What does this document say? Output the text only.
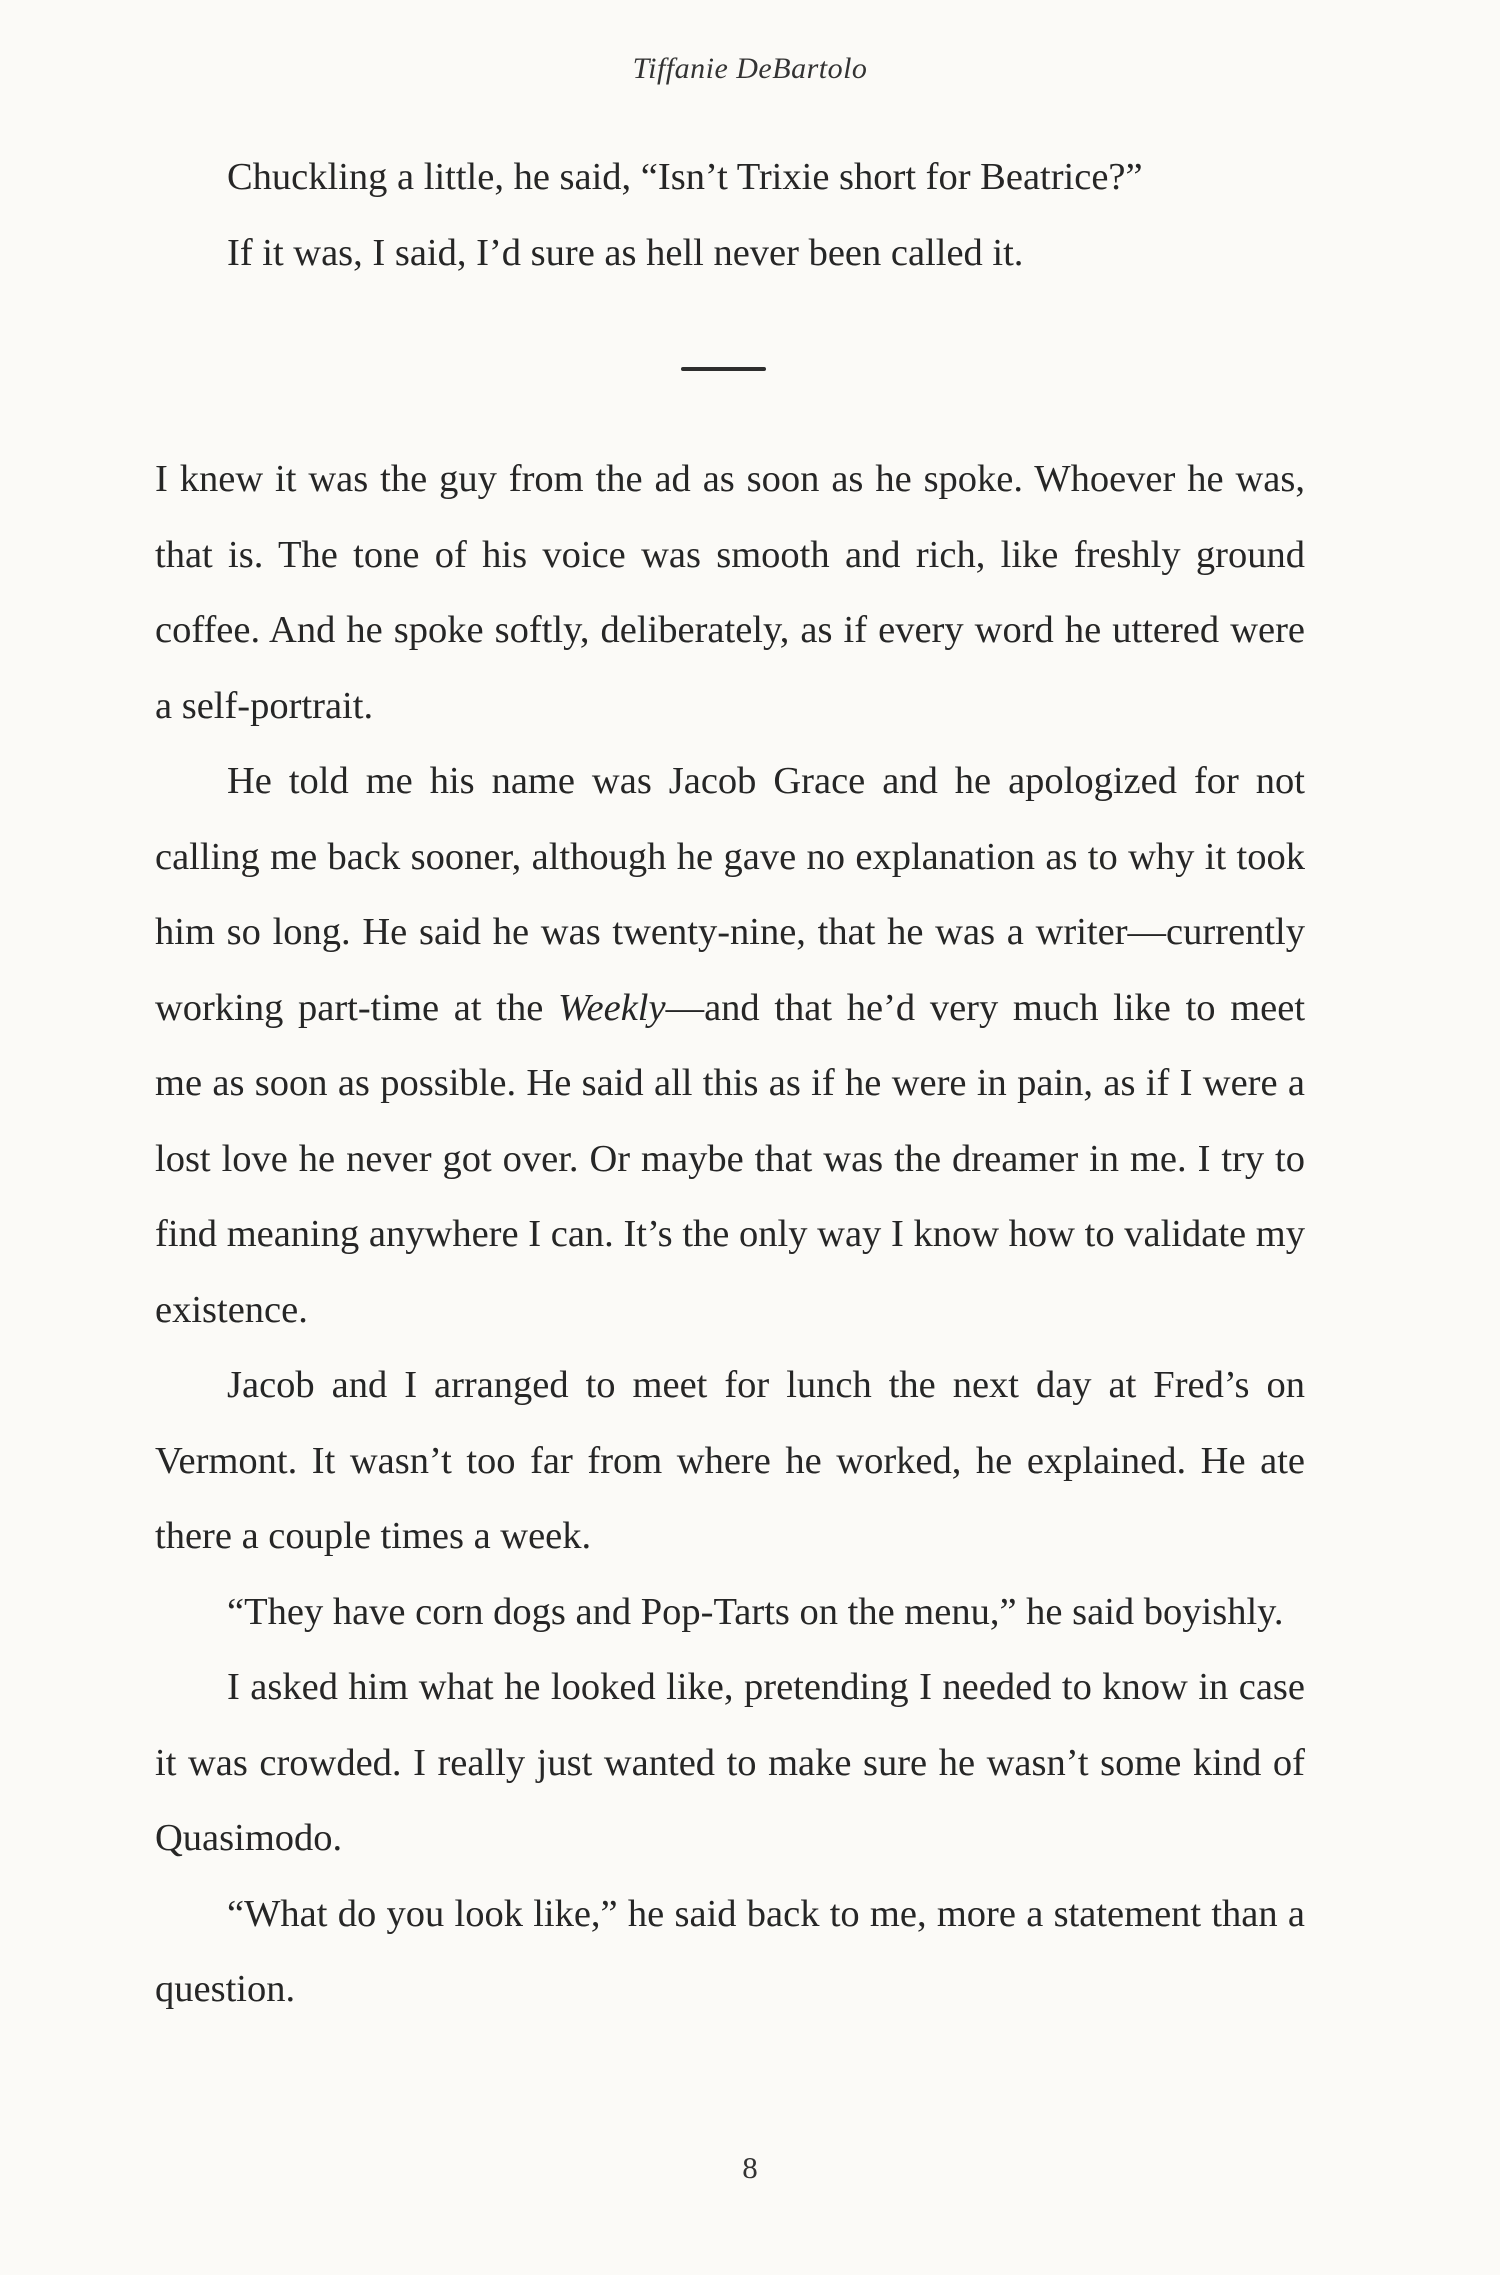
Tiffanie DeBartolo

Chuckling a little, he said, “Isn’t Trixie short for Beatrice?”

If it was, I said, I’d sure as hell never been called it.

I knew it was the guy from the ad as soon as he spoke. Whoever he was, that is. The tone of his voice was smooth and rich, like freshly ground coffee. And he spoke softly, deliberately, as if every word he uttered were a self-portrait.

He told me his name was Jacob Grace and he apologized for not calling me back sooner, although he gave no explanation as to why it took him so long. He said he was twenty-nine, that he was a writer—currently working part-time at the Weekly—and that he’d very much like to meet me as soon as possible. He said all this as if he were in pain, as if I were a lost love he never got over. Or maybe that was the dreamer in me. I try to find meaning anywhere I can. It’s the only way I know how to validate my existence.

Jacob and I arranged to meet for lunch the next day at Fred’s on Vermont. It wasn’t too far from where he worked, he explained. He ate there a couple times a week.

“They have corn dogs and Pop-Tarts on the menu,” he said boyishly.

I asked him what he looked like, pretending I needed to know in case it was crowded. I really just wanted to make sure he wasn’t some kind of Quasimodo.

“What do you look like,” he said back to me, more a statement than a question.

8
